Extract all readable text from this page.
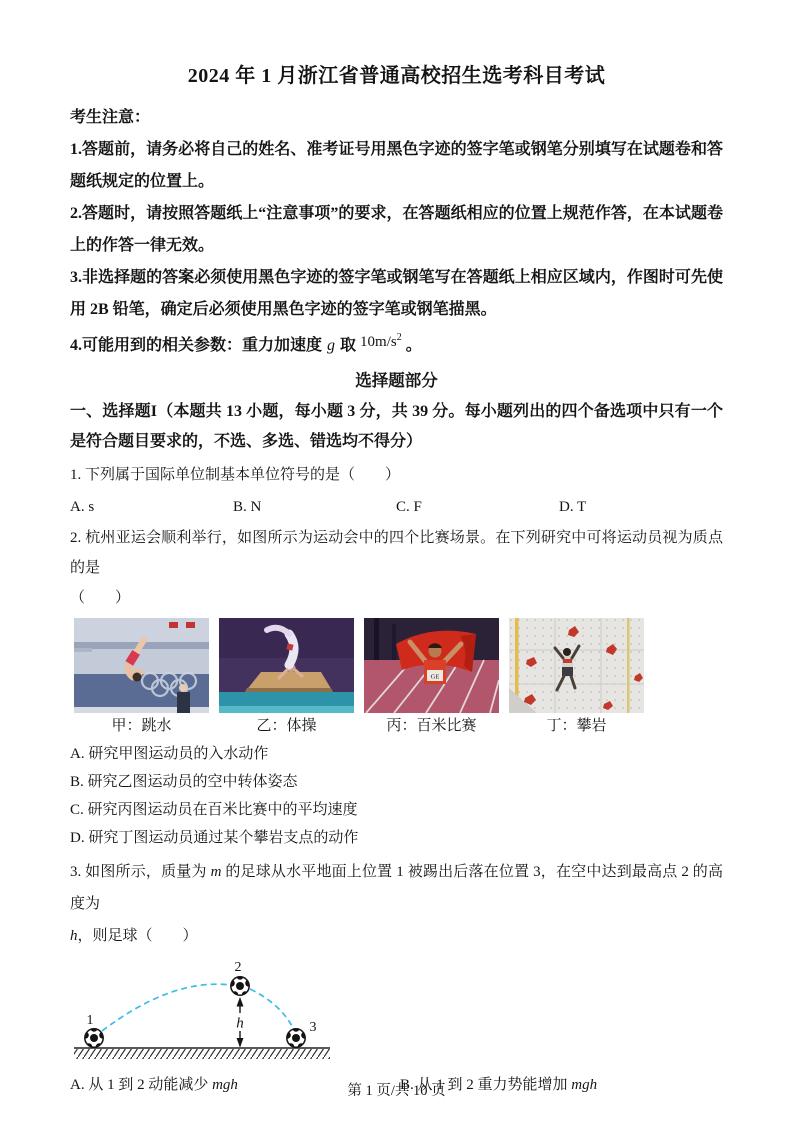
2024 年 1 月浙江省普通高校招生选考科目考试

考生注意：

1.答题前，请务必将自己的姓名、准考证号用黑色字迹的签字笔或钢笔分别填写在试题卷和答题纸规定的位置上。

2.答题时，请按照答题纸上“注意事项”的要求，在答题纸相应的位置上规范作答，在本试题卷上的作答一律无效。

3.非选择题的答案必须使用黑色字迹的签字笔或钢笔写在答题纸上相应区域内，作图时可先使用 2B 铅笔，确定后必须使用黑色字迹的签字笔或钢笔描黑。

4.可能用到的相关参数：重力加速度 g 取 $10m/s^2$ 。

选择题部分

一、选择题I（本题共 13 小题，每小题 3 分，共 39 分。每小题列出的四个备选项中只有一个是符合题目要求的，不选、多选、错选均不得分）

1. 下列属于国际单位制基本单位符号的是（　　）

A. s	B. N	C. F	D. T

2. 杭州亚运会顺利举行，如图所示为运动会中的四个比赛场景。在下列研究中可将运动员视为质点的是

（　　）

甲：跳水	乙：体操
GE
丙：百米比赛	丁：攀岩

A. 研究甲图运动员的入水动作

B. 研究乙图运动员的空中转体姿态

C. 研究丙图运动员在百米比赛中的平均速度

D. 研究丁图运动员通过某个攀岩支点的动作

3. 如图所示，质量为 m 的足球从水平地面上位置 1 被踢出后落在位置 3，在空中达到最高点 2 的高度为

h，则足球（　　）

h
1
2
3
A. 从 1 到 2 动能减少 mgh	B. 从 1 到 2 重力势能增加 mgh
第 1 页/共 10 页
